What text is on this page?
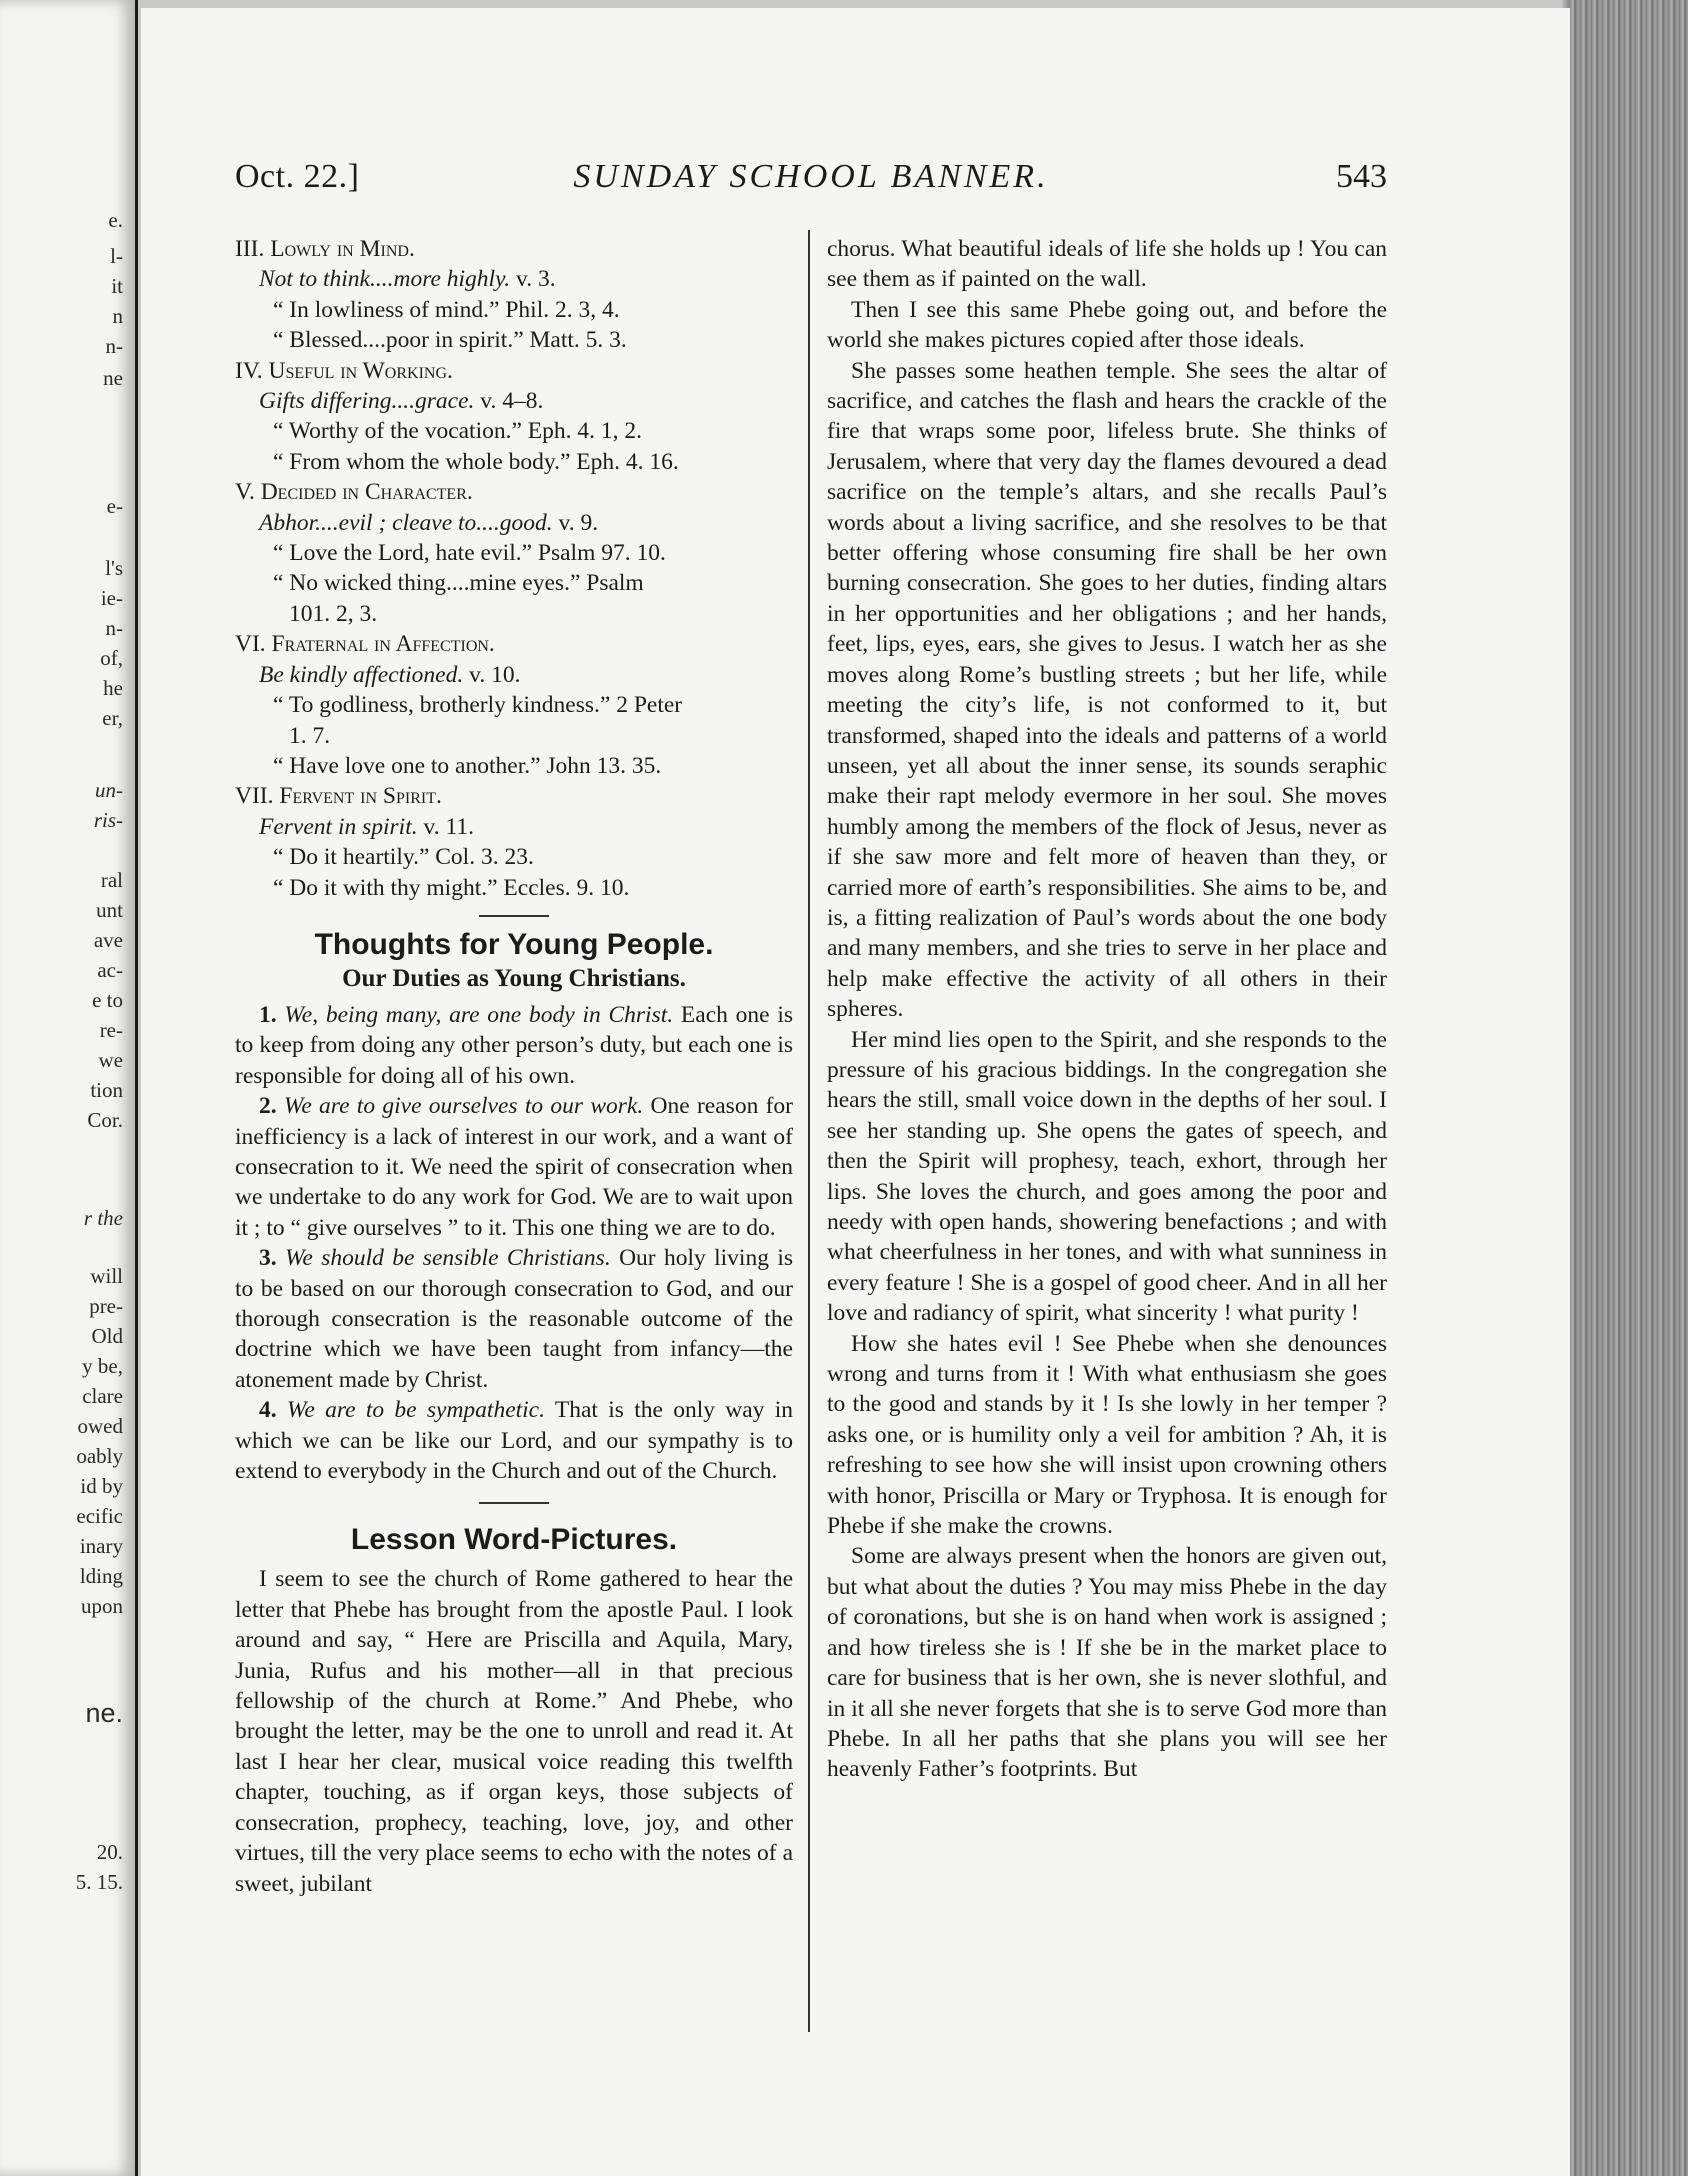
e.
l-
it
n
n-
ne
e-
l's
ie-
n-
of,
he
er,
un-
ris-
ral
unt
ave
ac-
e to
re-
we
tion
Cor.
r the
will
pre-
Old
y be,
clare
owed
oably
id by
ecific
inary
lding
upon
ne.
20.
5. 15.
Oct. 22.]	SUNDAY SCHOOL BANNER.	543
III. Lowly in Mind.
Not to think....more highly. v. 3.
“ In lowliness of mind.” Phil. 2. 3, 4.
“ Blessed....poor in spirit.” Matt. 5. 3.
IV. Useful in Working.
Gifts differing....grace. v. 4–8.
“ Worthy of the vocation.” Eph. 4. 1, 2.
“ From whom the whole body.” Eph. 4. 16.
V. Decided in Character.
Abhor....evil ; cleave to....good. v. 9.
“ Love the Lord, hate evil.” Psalm 97. 10.
“ No wicked thing....mine eyes.” Psalm
101. 2, 3.
VI. Fraternal in Affection.
Be kindly affectioned. v. 10.
“ To godliness, brotherly kindness.” 2 Peter
1. 7.
“ Have love one to another.” John 13. 35.
VII. Fervent in Spirit.
Fervent in spirit. v. 11.
“ Do it heartily.” Col. 3. 23.
“ Do it with thy might.” Eccles. 9. 10.
Thoughts for Young People.
Our Duties as Young Christians.

1. We, being many, are one body in Christ. Each one is to keep from doing any other person’s duty, but each one is responsible for doing all of his own.

2. We are to give ourselves to our work. One reason for inefficiency is a lack of interest in our work, and a want of consecration to it. We need the spirit of consecration when we undertake to do any work for God. We are to wait upon it ; to “ give ourselves ” to it. This one thing we are to do.

3. We should be sensible Christians. Our holy living is to be based on our thorough consecration to God, and our thorough consecration is the reasonable outcome of the doctrine which we have been taught from infancy—the atonement made by Christ.

4. We are to be sympathetic. That is the only way in which we can be like our Lord, and our sympathy is to extend to everybody in the Church and out of the Church.

Lesson Word-Pictures.

I seem to see the church of Rome gathered to hear the letter that Phebe has brought from the apostle Paul. I look around and say, “ Here are Priscilla and Aquila, Mary, Junia, Rufus and his mother—all in that precious fellowship of the church at Rome.” And Phebe, who brought the letter, may be the one to unroll and read it. At last I hear her clear, musical voice reading this twelfth chapter, touching, as if organ keys, those subjects of consecration, prophecy, teaching, love, joy, and other virtues, till the very place seems to echo with the notes of a sweet, jubilant

chorus. What beautiful ideals of life she holds up ! You can see them as if painted on the wall.

Then I see this same Phebe going out, and before the world she makes pictures copied after those ideals.

She passes some heathen temple. She sees the altar of sacrifice, and catches the flash and hears the crackle of the fire that wraps some poor, lifeless brute. She thinks of Jerusalem, where that very day the flames devoured a dead sacrifice on the temple’s altars, and she recalls Paul’s words about a living sacrifice, and she resolves to be that better offering whose consuming fire shall be her own burning consecration. She goes to her duties, finding altars in her opportunities and her obligations ; and her hands, feet, lips, eyes, ears, she gives to Jesus. I watch her as she moves along Rome’s bustling streets ; but her life, while meeting the city’s life, is not conformed to it, but transformed, shaped into the ideals and patterns of a world unseen, yet all about the inner sense, its sounds seraphic make their rapt melody evermore in her soul. She moves humbly among the members of the flock of Jesus, never as if she saw more and felt more of heaven than they, or carried more of earth’s responsibilities. She aims to be, and is, a fitting realization of Paul’s words about the one body and many members, and she tries to serve in her place and help make effective the activity of all others in their spheres.

Her mind lies open to the Spirit, and she responds to the pressure of his gracious biddings. In the congregation she hears the still, small voice down in the depths of her soul. I see her standing up. She opens the gates of speech, and then the Spirit will prophesy, teach, exhort, through her lips. She loves the church, and goes among the poor and needy with open hands, showering benefactions ; and with what cheerfulness in her tones, and with what sunniness in every feature ! She is a gospel of good cheer. And in all her love and radiancy of spirit, what sincerity ! what purity !

How she hates evil ! See Phebe when she denounces wrong and turns from it ! With what enthusiasm she goes to the good and stands by it ! Is she lowly in her temper ? asks one, or is humility only a veil for ambition ? Ah, it is refreshing to see how she will insist upon crowning others with honor, Priscilla or Mary or Tryphosa. It is enough for Phebe if she make the crowns.

Some are always present when the honors are given out, but what about the duties ? You may miss Phebe in the day of coronations, but she is on hand when work is assigned ; and how tireless she is ! If she be in the market place to care for business that is her own, she is never slothful, and in it all she never forgets that she is to serve God more than Phebe. In all her paths that she plans you will see her heavenly Father’s footprints. But
